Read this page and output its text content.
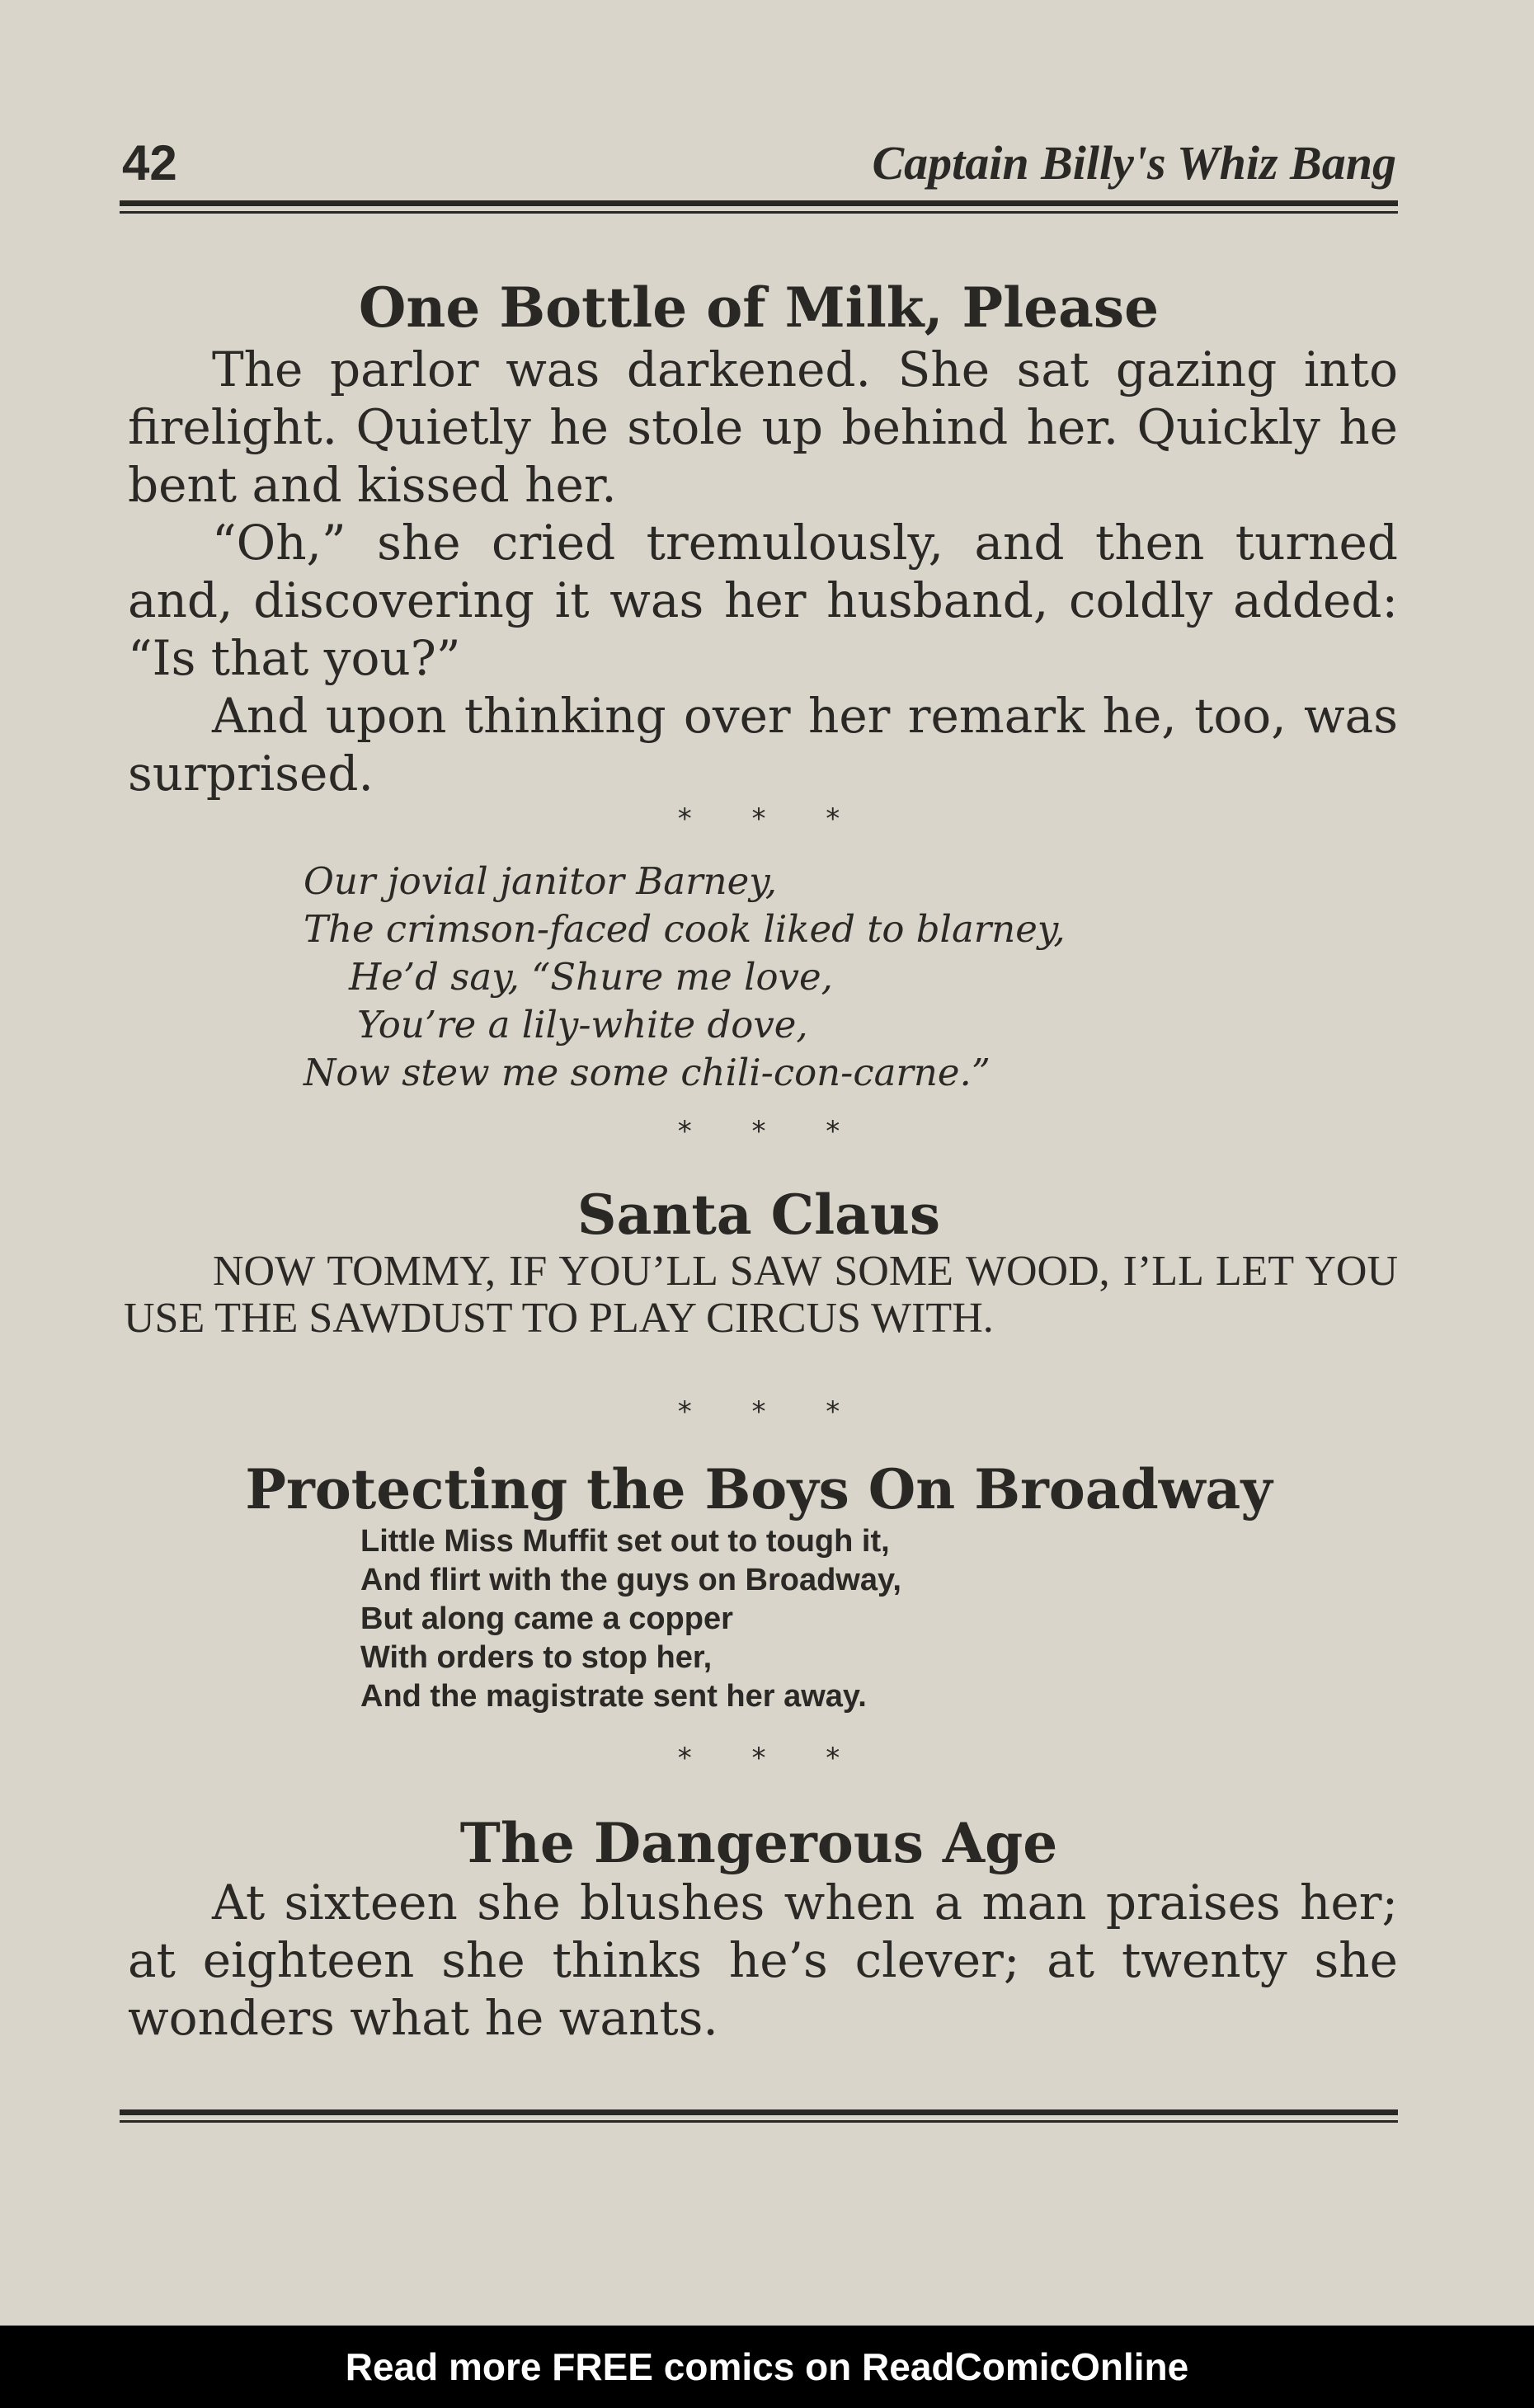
42	Captain Billy's Whiz Bang
One Bottle of Milk, Please

The parlor was darkened. She sat gazing into firelight. Quietly he stole up behind her. Quickly he bent and kissed her.

“Oh,” she cried tremulously, and then turned and, discovering it was her husband, coldly added: “Is that you?”

And upon thinking over her remark he, too, was surprised.

* * *
Our jovial janitor Barney,
The crimson-faced cook liked to blarney,
He’d say, “Shure me love,
You’re a lily-white dove,
Now stew me some chili-con-carne.”
* * *
Santa Claus

NOW TOMMY, IF YOU’LL SAW SOME WOOD, I’LL LET YOU USE THE SAWDUST TO PLAY CIRCUS WITH.

* * *
Protecting the Boys On Broadway
Little Miss Muffit set out to tough it,
And flirt with the guys on Broadway,
But along came a copper
With orders to stop her,
And the magistrate sent her away.
* * *
The Dangerous Age

At sixteen she blushes when a man praises her; at eighteen she thinks he’s clever; at twenty she wonders what he wants.

Read more FREE comics on ReadComicOnline
